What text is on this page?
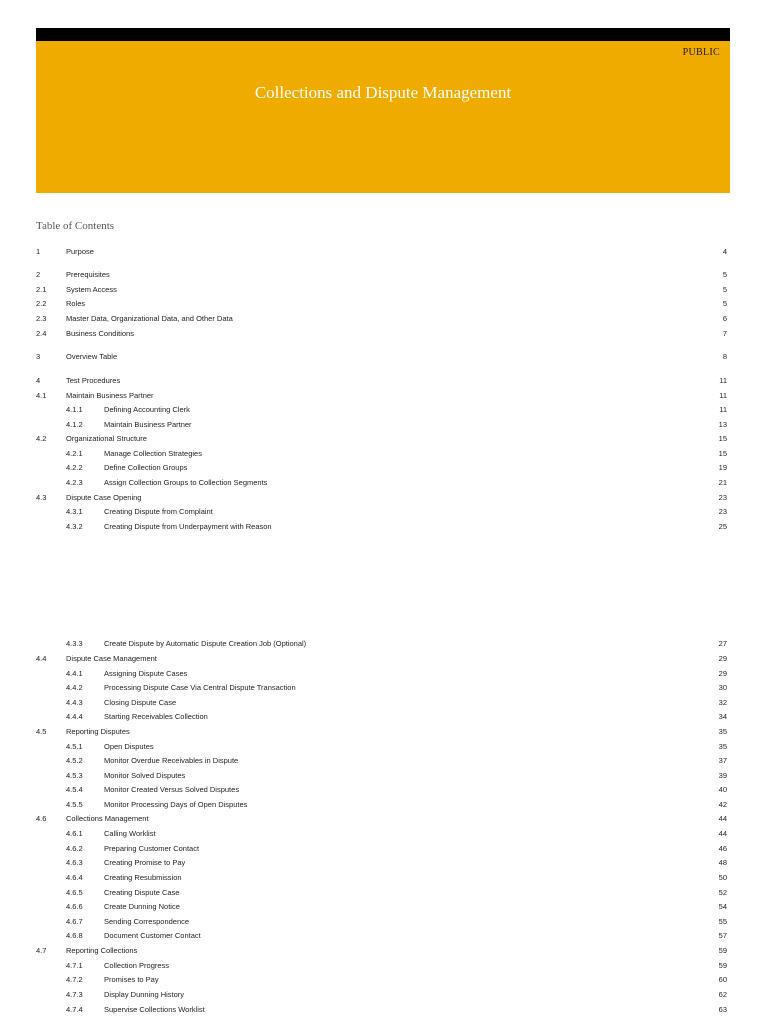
PUBLIC
Collections and Dispute Management
Table of Contents
1	Purpose	4
2	Prerequisites	5
2.1	System Access	5
2.2	Roles	5
2.3	Master Data, Organizational Data, and Other Data	6
2.4	Business Conditions	7
3	Overview Table	8
4	Test Procedures	11
4.1	Maintain Business Partner	11
4.1.1	Defining Accounting Clerk	11
4.1.2	Maintain Business Partner	13
4.2	Organizational Structure	15
4.2.1	Manage Collection Strategies	15
4.2.2	Define Collection Groups	19
4.2.3	Assign Collection Groups to Collection Segments	21
4.3	Dispute Case Opening	23
4.3.1	Creating Dispute from Complaint	23
4.3.2	Creating Dispute from Underpayment with Reason	25
4.3.3	Create Dispute by Automatic Dispute Creation Job (Optional)	27
4.4	Dispute Case Management	29
4.4.1	Assigning Dispute Cases	29
4.4.2	Processing Dispute Case Via Central Dispute Transaction	30
4.4.3	Closing Dispute Case	32
4.4.4	Starting Receivables Collection	34
4.5	Reporting Disputes	35
4.5.1	Open Disputes	35
4.5.2	Monitor Overdue Receivables in Dispute	37
4.5.3	Monitor Solved Disputes	39
4.5.4	Monitor Created Versus Solved Disputes	40
4.5.5	Monitor Processing Days of Open Disputes	42
4.6	Collections Management	44
4.6.1	Calling Worklist	44
4.6.2	Preparing Customer Contact	46
4.6.3	Creating Promise to Pay	48
4.6.4	Creating Resubmission	50
4.6.5	Creating Dispute Case	52
4.6.6	Create Dunning Notice	54
4.6.7	Sending Correspondence	55
4.6.8	Document Customer Contact	57
4.7	Reporting Collections	59
4.7.1	Collection Progress	59
4.7.2	Promises to Pay	60
4.7.3	Display Dunning History	62
4.7.4	Supervise Collections Worklist	63
